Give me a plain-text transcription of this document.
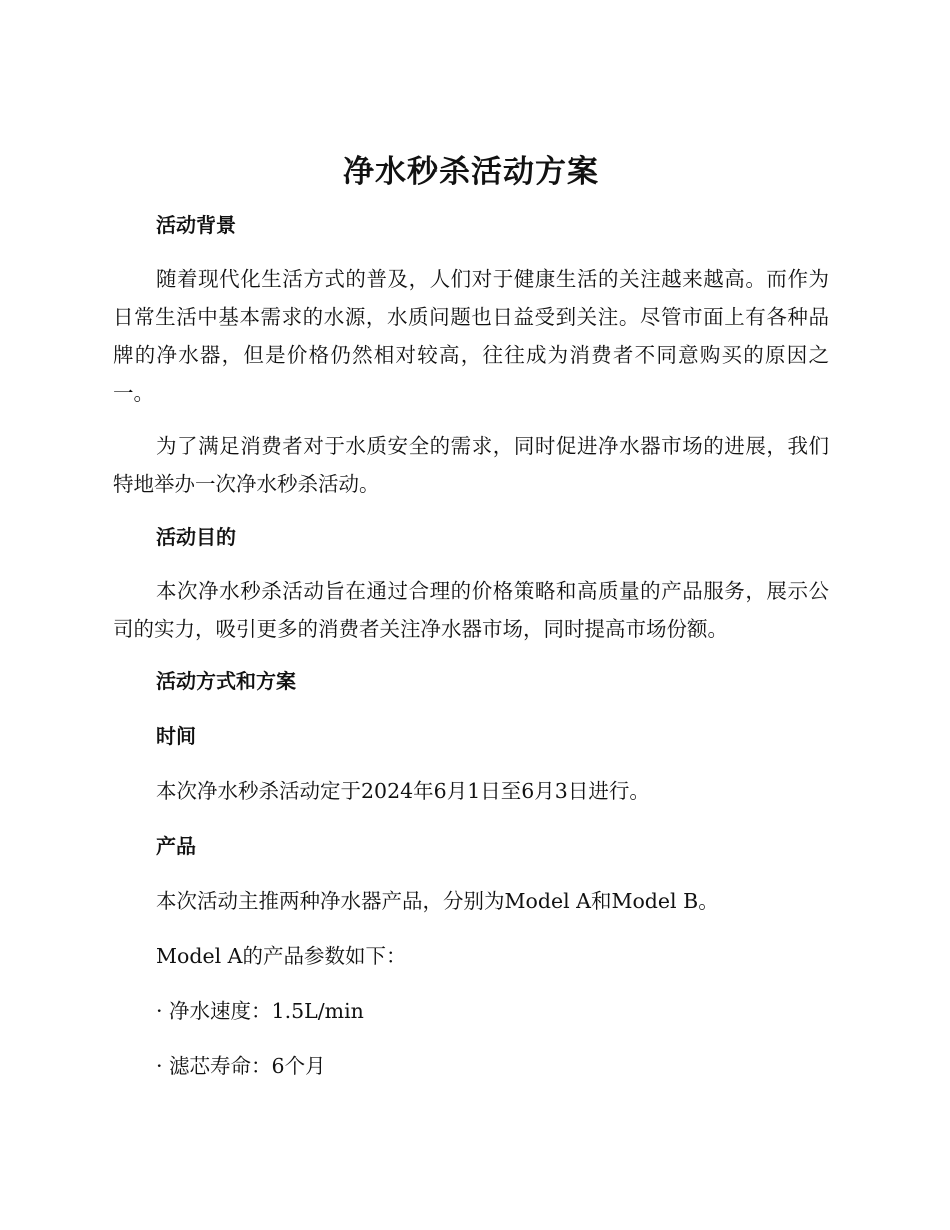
净水秒杀活动方案
活动背景

随着现代化生活方式的普及，人们对于健康生活的关注越来越高。而作为日常生活中基本需求的水源，水质问题也日益受到关注。尽管市面上有各种品牌的净水器，但是价格仍然相对较高，往往成为消费者不同意购买的原因之一。

为了满足消费者对于水质安全的需求，同时促进净水器市场的进展，我们特地举办一次净水秒杀活动。

活动目的

本次净水秒杀活动旨在通过合理的价格策略和高质量的产品服务，展示公司的实力，吸引更多的消费者关注净水器市场，同时提高市场份额。

活动方式和方案
时间

本次净水秒杀活动定于2024年6月1日至6月3日进行。

产品

本次活动主推两种净水器产品，分别为Model A和Model B。

Model A的产品参数如下：

· 净水速度：1.5L/min

· 滤芯寿命：6个月
